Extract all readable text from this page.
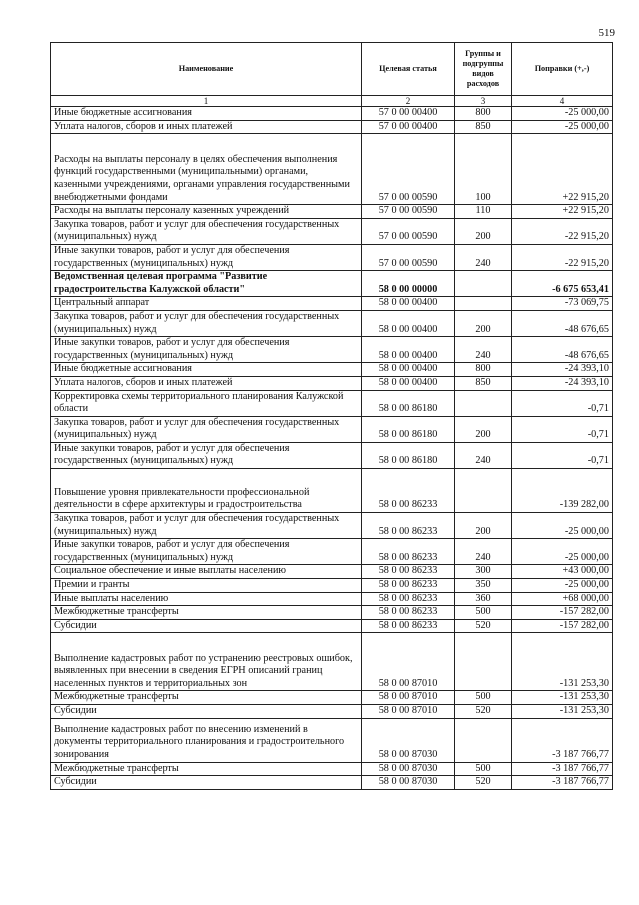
519
Наименование	Целевая статья	Группы и подгруппы видов расходов	Поправки (+,-)
1	2	3	4
Иные бюджетные ассигнования	57 0 00 00400	800	-25 000,00
Уплата налогов, сборов и иных платежей	57 0 00 00400	850	-25 000,00
Расходы на выплаты персоналу в целях обеспечения выполнения функций государственными (муниципальными) органами, казенными учреждениями, органами управления государственными внебюджетными фондами	57 0 00 00590	100	+22 915,20
Расходы на выплаты персоналу казенных учреждений	57 0 00 00590	110	+22 915,20
Закупка товаров, работ и услуг для обеспечения государственных (муниципальных) нужд	57 0 00 00590	200	-22 915,20
Иные закупки товаров, работ и услуг для обеспечения государственных (муниципальных) нужд	57 0 00 00590	240	-22 915,20
Ведомственная целевая программа "Развитие градостроительства Калужской области"	58 0 00 00000		-6 675 653,41
Центральный аппарат	58 0 00 00400		-73 069,75
Закупка товаров, работ и услуг для обеспечения государственных (муниципальных) нужд	58 0 00 00400	200	-48 676,65
Иные закупки товаров, работ и услуг для обеспечения государственных (муниципальных) нужд	58 0 00 00400	240	-48 676,65
Иные бюджетные ассигнования	58 0 00 00400	800	-24 393,10
Уплата налогов, сборов и иных платежей	58 0 00 00400	850	-24 393,10
Корректировка схемы территориального планирования Калужской области	58 0 00 86180		-0,71
Закупка товаров, работ и услуг для обеспечения государственных (муниципальных) нужд	58 0 00 86180	200	-0,71
Иные закупки товаров, работ и услуг для обеспечения государственных (муниципальных) нужд	58 0 00 86180	240	-0,71
Повышение уровня привлекательности профессиональной деятельности в сфере архитектуры и градостроительства	58 0 00 86233		-139 282,00
Закупка товаров, работ и услуг для обеспечения государственных (муниципальных) нужд	58 0 00 86233	200	-25 000,00
Иные закупки товаров, работ и услуг для обеспечения государственных (муниципальных) нужд	58 0 00 86233	240	-25 000,00
Социальное обеспечение и иные выплаты населению	58 0 00 86233	300	+43 000,00
Премии и гранты	58 0 00 86233	350	-25 000,00
Иные выплаты населению	58 0 00 86233	360	+68 000,00
Межбюджетные трансферты	58 0 00 86233	500	-157 282,00
Субсидии	58 0 00 86233	520	-157 282,00
Выполнение кадастровых работ по устранению реестровых ошибок, выявленных при внесении в сведения ЕГРН описаний границ населенных пунктов и территориальных зон	58 0 00 87010		-131 253,30
Межбюджетные трансферты	58 0 00 87010	500	-131 253,30
Субсидии	58 0 00 87010	520	-131 253,30
Выполнение кадастровых работ по внесению изменений в документы территориального планирования и градостроительного зонирования	58 0 00 87030		-3 187 766,77
Межбюджетные трансферты	58 0 00 87030	500	-3 187 766,77
Субсидии	58 0 00 87030	520	-3 187 766,77
